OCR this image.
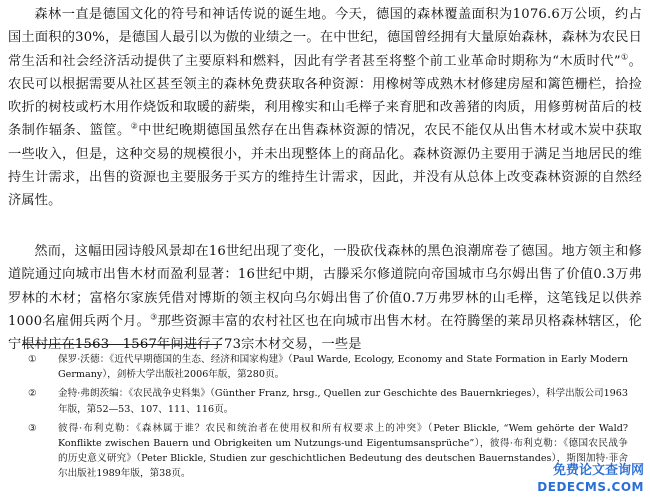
森林一直是德国文化的符号和神话传说的诞生地。今天，德国的森林覆盖面积为1076.6万公顷，约占国土面积的30%，是德国人最引以为傲的业绩之一。在中世纪，德国曾经拥有大量原始森林，森林为农民日常生活和社会经济活动提供了主要原料和燃料，因此有学者甚至将整个前工业革命时期称为“木质时代”①。农民可以根据需要从社区甚至领主的森林免费获取各种资源：用橡树等成熟木材修建房屋和篱笆栅栏，拾捡吹折的树枝或朽木用作烧饭和取暖的薪柴，利用橡实和山毛榉子来育肥和改善猪的肉质，用修剪树苗后的枝条制作辐条、篮筐。②中世纪晚期德国虽然存在出售森林资源的情况，农民不能仅从出售木材或木炭中获取一些收入，但是，这种交易的规模很小，并未出现整体上的商品化。森林资源仍主要用于满足当地居民的维持生计需求，出售的资源也主要服务于买方的维持生计需求，因此，并没有从总体上改变森林资源的自然经济属性。

然而，这幅田园诗般风景却在16世纪出现了变化，一股砍伐森林的黑色浪潮席卷了德国。地方领主和修道院通过向城市出售木材而盈利显著：16世纪中期，古滕采尔修道院向帝国城市乌尔姆出售了价值0.3万弗罗林的木材；富格尔家族凭借对博斯的领主权向乌尔姆出售了价值0.7万弗罗林的山毛榉，这笔钱足以供养1000名雇佣兵两个月。③那些资源丰富的农村社区也在向城市出售木材。在符腾堡的莱昂贝格森林辖区，伦宁根村庄在1563—1567年间进行了73宗木材交易，一些是

① 保罗·沃德：《近代早期德国的生态、经济和国家构建》（Paul Warde, Ecology, Economy and State Formation in Early Modern Germany），剑桥大学出版社2006年版，第280页。
② 金特·弗朗茨编：《农民战争史料集》（Günther Franz, hrsg., Quellen zur Geschichte des Bauernkrieges），科学出版公司1963年版，第52—53、107、111、116页。
③ 彼得·布利克勒：《森林属于谁？农民和统治者在使用权和所有权要求上的冲突》（Peter Blickle, “Wem gehörte der Wald? Konflikte zwischen Bauern und Obrigkeiten um Nutzungs-und Eigentumsansprüche”），彼得·布利克勒：《德国农民战争的历史意义研究》（Peter Blickle, Studien zur geschichtlichen Bedeutung des deutschen Bauernstandes），斯图加特·菲舍尔出版社1989年版，第38页。	免费论文查询网
DEDECMS.COM
